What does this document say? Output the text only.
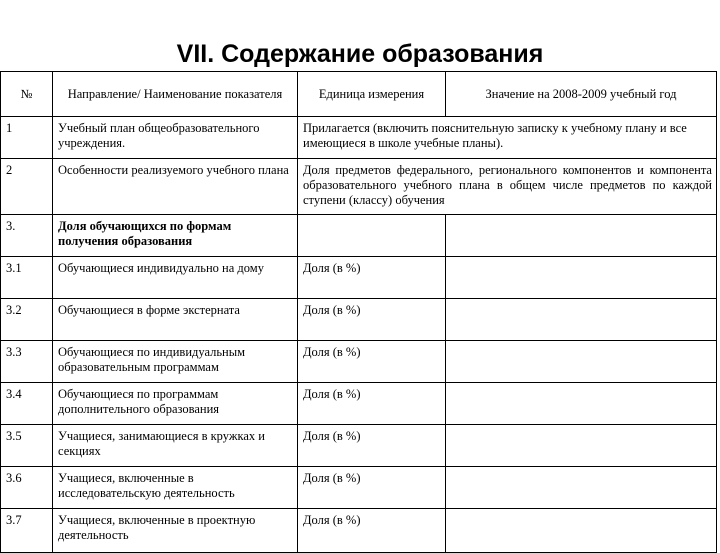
VII. Содержание образования
№	Направление/ Наименование показателя	Единица измерения	Значение на 2008-2009 учебный год
1	Учебный план общеобразовательного учреждения.	Прилагается (включить пояснительную записку к учебному плану и все имеющиеся в школе учебные планы).	
2	Особенности реализуемого учебного плана	Доля предметов федерального, регионального компонентов и компонента образовательного учебного плана в общем числе предметов по каждой ступени (классу) обучения	
3.	Доля обучающихся по формам получения образования		
3.1	Обучающиеся индивидуально на дому	Доля (в %)	
3.2	Обучающиеся в форме экстерната	Доля (в %)	
3.3	Обучающиеся по индивидуальным образовательным программам	Доля (в %)	
3.4	Обучающиеся по программам дополнительного образования	Доля (в %)	
3.5	Учащиеся, занимающиеся в кружках и секциях	Доля (в %)	
3.6	Учащиеся, включенные в исследовательскую деятельность	Доля (в %)	
3.7	Учащиеся, включенные в проектную деятельность	Доля (в %)	
